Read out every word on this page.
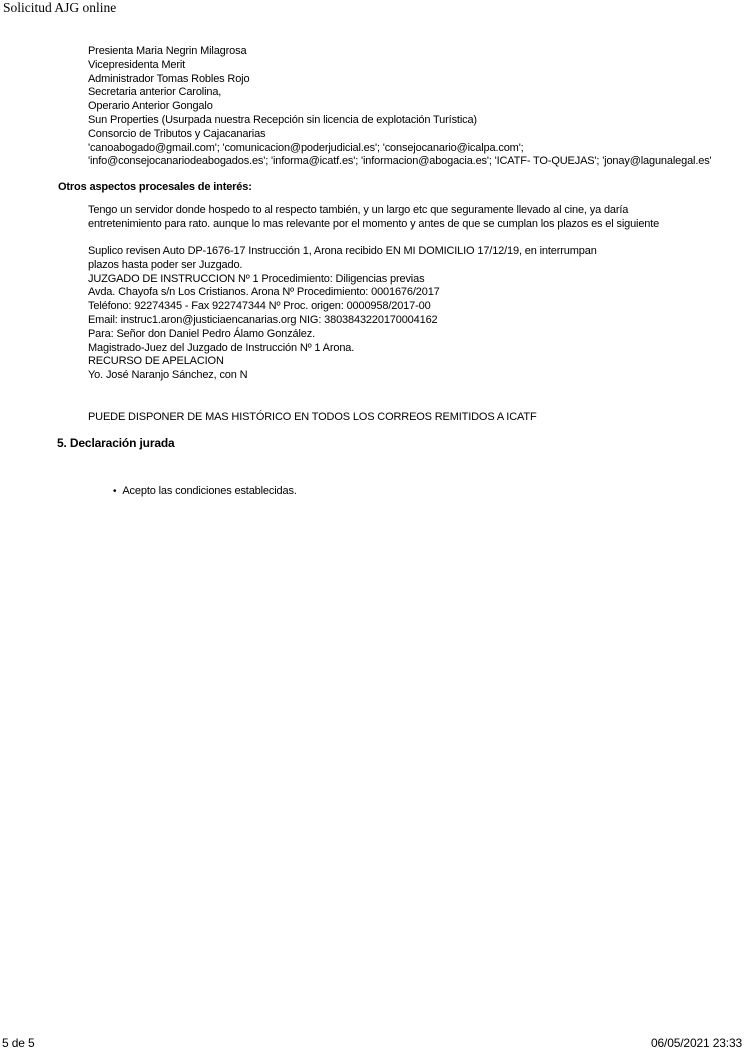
Solicitud AJG online
Presienta Maria Negrin Milagrosa
Vicepresidenta Merit
Administrador Tomas Robles Rojo
Secretaria anterior Carolina,
Operario Anterior Gongalo
Sun Properties (Usurpada nuestra Recepción sin licencia de explotación Turística)
Consorcio de Tributos y Cajacanarias
'canoabogado@gmail.com'; 'comunicacion@poderjudicial.es'; 'consejocanario@icalpa.com';
'info@consejocanariodeabogados.es'; 'informa@icatf.es'; 'informacion@abogacia.es'; 'ICATF- TO-QUEJAS'; 'jonay@lagunalegal.es'
Otros aspectos procesales de interés:
Tengo un servidor donde hospedo to al respecto también, y un largo etc que seguramente llevado al cine, ya daría
entretenimiento para rato. aunque lo mas relevante por el momento y antes de que se cumplan los plazos es el siguiente
Suplico revisen Auto DP-1676-17 Instrucción 1, Arona recibido EN MI DOMICILIO 17/12/19, en interrumpan
plazos hasta poder ser Juzgado.
JUZGADO DE INSTRUCCION Nº 1 Procedimiento: Diligencias previas
Avda. Chayofa s/n Los Cristianos. Arona Nº Procedimiento: 0001676/2017
Teléfono: 92274345 - Fax 922747344 Nº Proc. origen: 0000958/2017-00
Email: instruc1.aron@justiciaencanarias.org NIG: 3803843220170004162
Para: Señor don Daniel Pedro Álamo González.
Magistrado-Juez del Juzgado de Instrucción Nº 1 Arona.
RECURSO DE APELACION
Yo. José Naranjo Sánchez, con N
PUEDE DISPONER DE MAS HISTÓRICO EN TODOS LOS CORREOS REMITIDOS A ICATF
5. Declaración jurada
• Acepto las condiciones establecidas.
5 de 5	06/05/2021 23:33
